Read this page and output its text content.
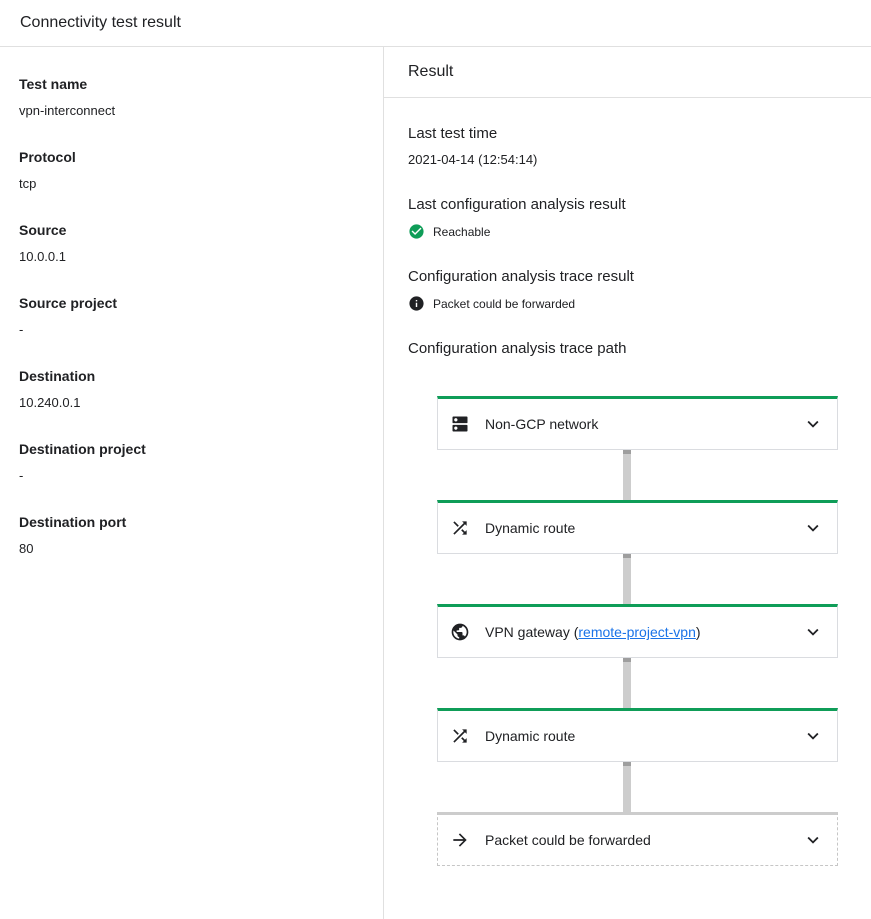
Connectivity test result
Test name
vpn-interconnect
Protocol
tcp
Source
10.0.0.1
Source project
-
Destination
10.240.0.1
Destination project
-
Destination port
80
Result
Last test time
2021-04-14 (12:54:14)
Last configuration analysis result
Reachable
Configuration analysis trace result
Packet could be forwarded
Configuration analysis trace path
Non-GCP network
Dynamic route
VPN gateway (remote-project-vpn)
Dynamic route
Packet could be forwarded
